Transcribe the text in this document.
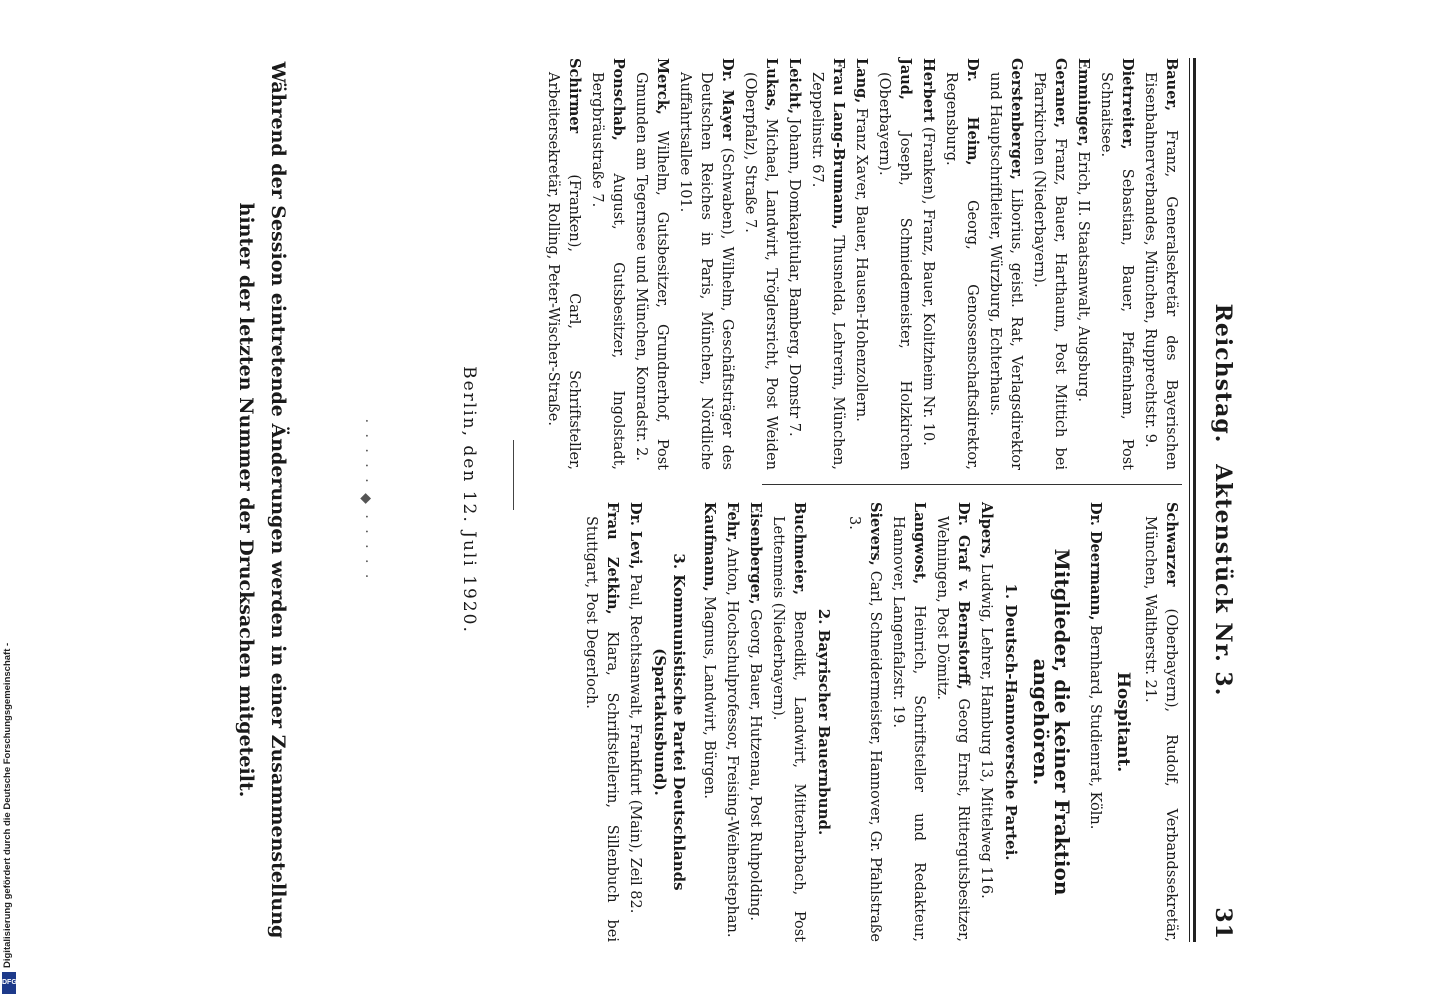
Reichstag. Aktenstück Nr. 3.
31

Bauer, Franz, Generalsekretär des Bayerischen Eisenbahnerverbandes, München, Rupprechtstr. 9.

Dietrreiter, Sebastian, Bauer, Pfaffenham, Post Schnaitsee.

Emminger, Erich, II. Staatsanwalt, Augsburg.

Geraner, Franz, Bauer, Harthaum, Post Mittich bei Pfarrkirchen (Niederbayern).

Gerstenberger, Liborius, geistl. Rat, Verlagsdirektor und Hauptschriftleiter, Würzburg, Echterhaus.

Dr. Heim, Georg, Genossenschaftsdirektor, Regensburg.

Herbert (Franken), Franz, Bauer, Kolitzheim Nr. 10.

Jaud, Joseph, Schmiedemeister, Holzkirchen (Oberbayern).

Lang, Franz Xaver, Bauer, Hausen-Hohenzollern.

Frau Lang-Brumann, Thusnelda, Lehrerin, München, Zeppelinstr. 67.

Leicht, Johann, Domkapitular, Bamberg, Domstr 7.

Lukas, Michael, Landwirt, Tröglersricht, Post Weiden (Oberpfalz), Straße 7.

Dr. Mayer (Schwaben), Wilhelm, Geschäftsträger des Deutschen Reiches in Paris, München, Nördliche Auffahrtsallee 101.

Merck, Wilhelm, Gutsbesitzer, Grundnerhof, Post Gmunden am Tegernsee und München, Konradstr. 2.

Ponschab, August, Gutsbesitzer, Ingolstadt, Bergbräustraße 7.

Schirmer (Franken), Carl, Schriftsteller, Arbeitersekretär, Rolling, Peter-Wischer-Straße.

Schwarzer (Oberbayern), Rudolf, Verbandssekretär, München, Waltherstr. 21.

Hospitant.

Dr. Deermann, Bernhard, Studienrat, Köln.

Mitglieder, die keiner Fraktion angehören.
1. Deutsch-Hannoversche Partei.

Alpers, Ludwig, Lehrer, Hamburg 13, Mittelweg 116.

Dr. Graf v. Bernstorff, Georg Ernst, Rittergutsbesitzer, Wehningen, Post Dömitz.

Langwost, Heinrich, Schriftsteller und Redakteur, Hannover, Langenfalzstr. 19.

Sievers, Carl, Schneidermeister, Hannover, Gr. Pfahlstraße 3.

2. Bayrischer Bauernbund.

Buchmeier, Benedikt, Landwirt, Mitterharbach, Post Lettenmeis (Niederbayern).

Eisenberger, Georg, Bauer, Hutzenau, Post Ruhpolding.

Fehr, Anton, Hochschulprofessor, Freising-Weihenstephan.

Kaufmann, Magnus, Landwirt, Bürgen.

3. Kommunistische Partei Deutschlands (Spartakusbund).

Dr. Levi, Paul, Rechtsanwalt, Frankfurt (Main), Zeil 82.

Frau Zetkin, Klara, Schriftstellerin, Sillenbuch bei Stuttgart, Post Degerloch.

Berlin, den 12. Juli 1920.
· · · · · ◆ · · · · ·
Während der Session eintretende Änderungen werden in einer Zusammenstellung
hinter der letzten Nummer der Drucksachen mitgeteilt.
Digitalisierung gefördert durch die Deutsche Forschungsgemeinschaft -
DFG
